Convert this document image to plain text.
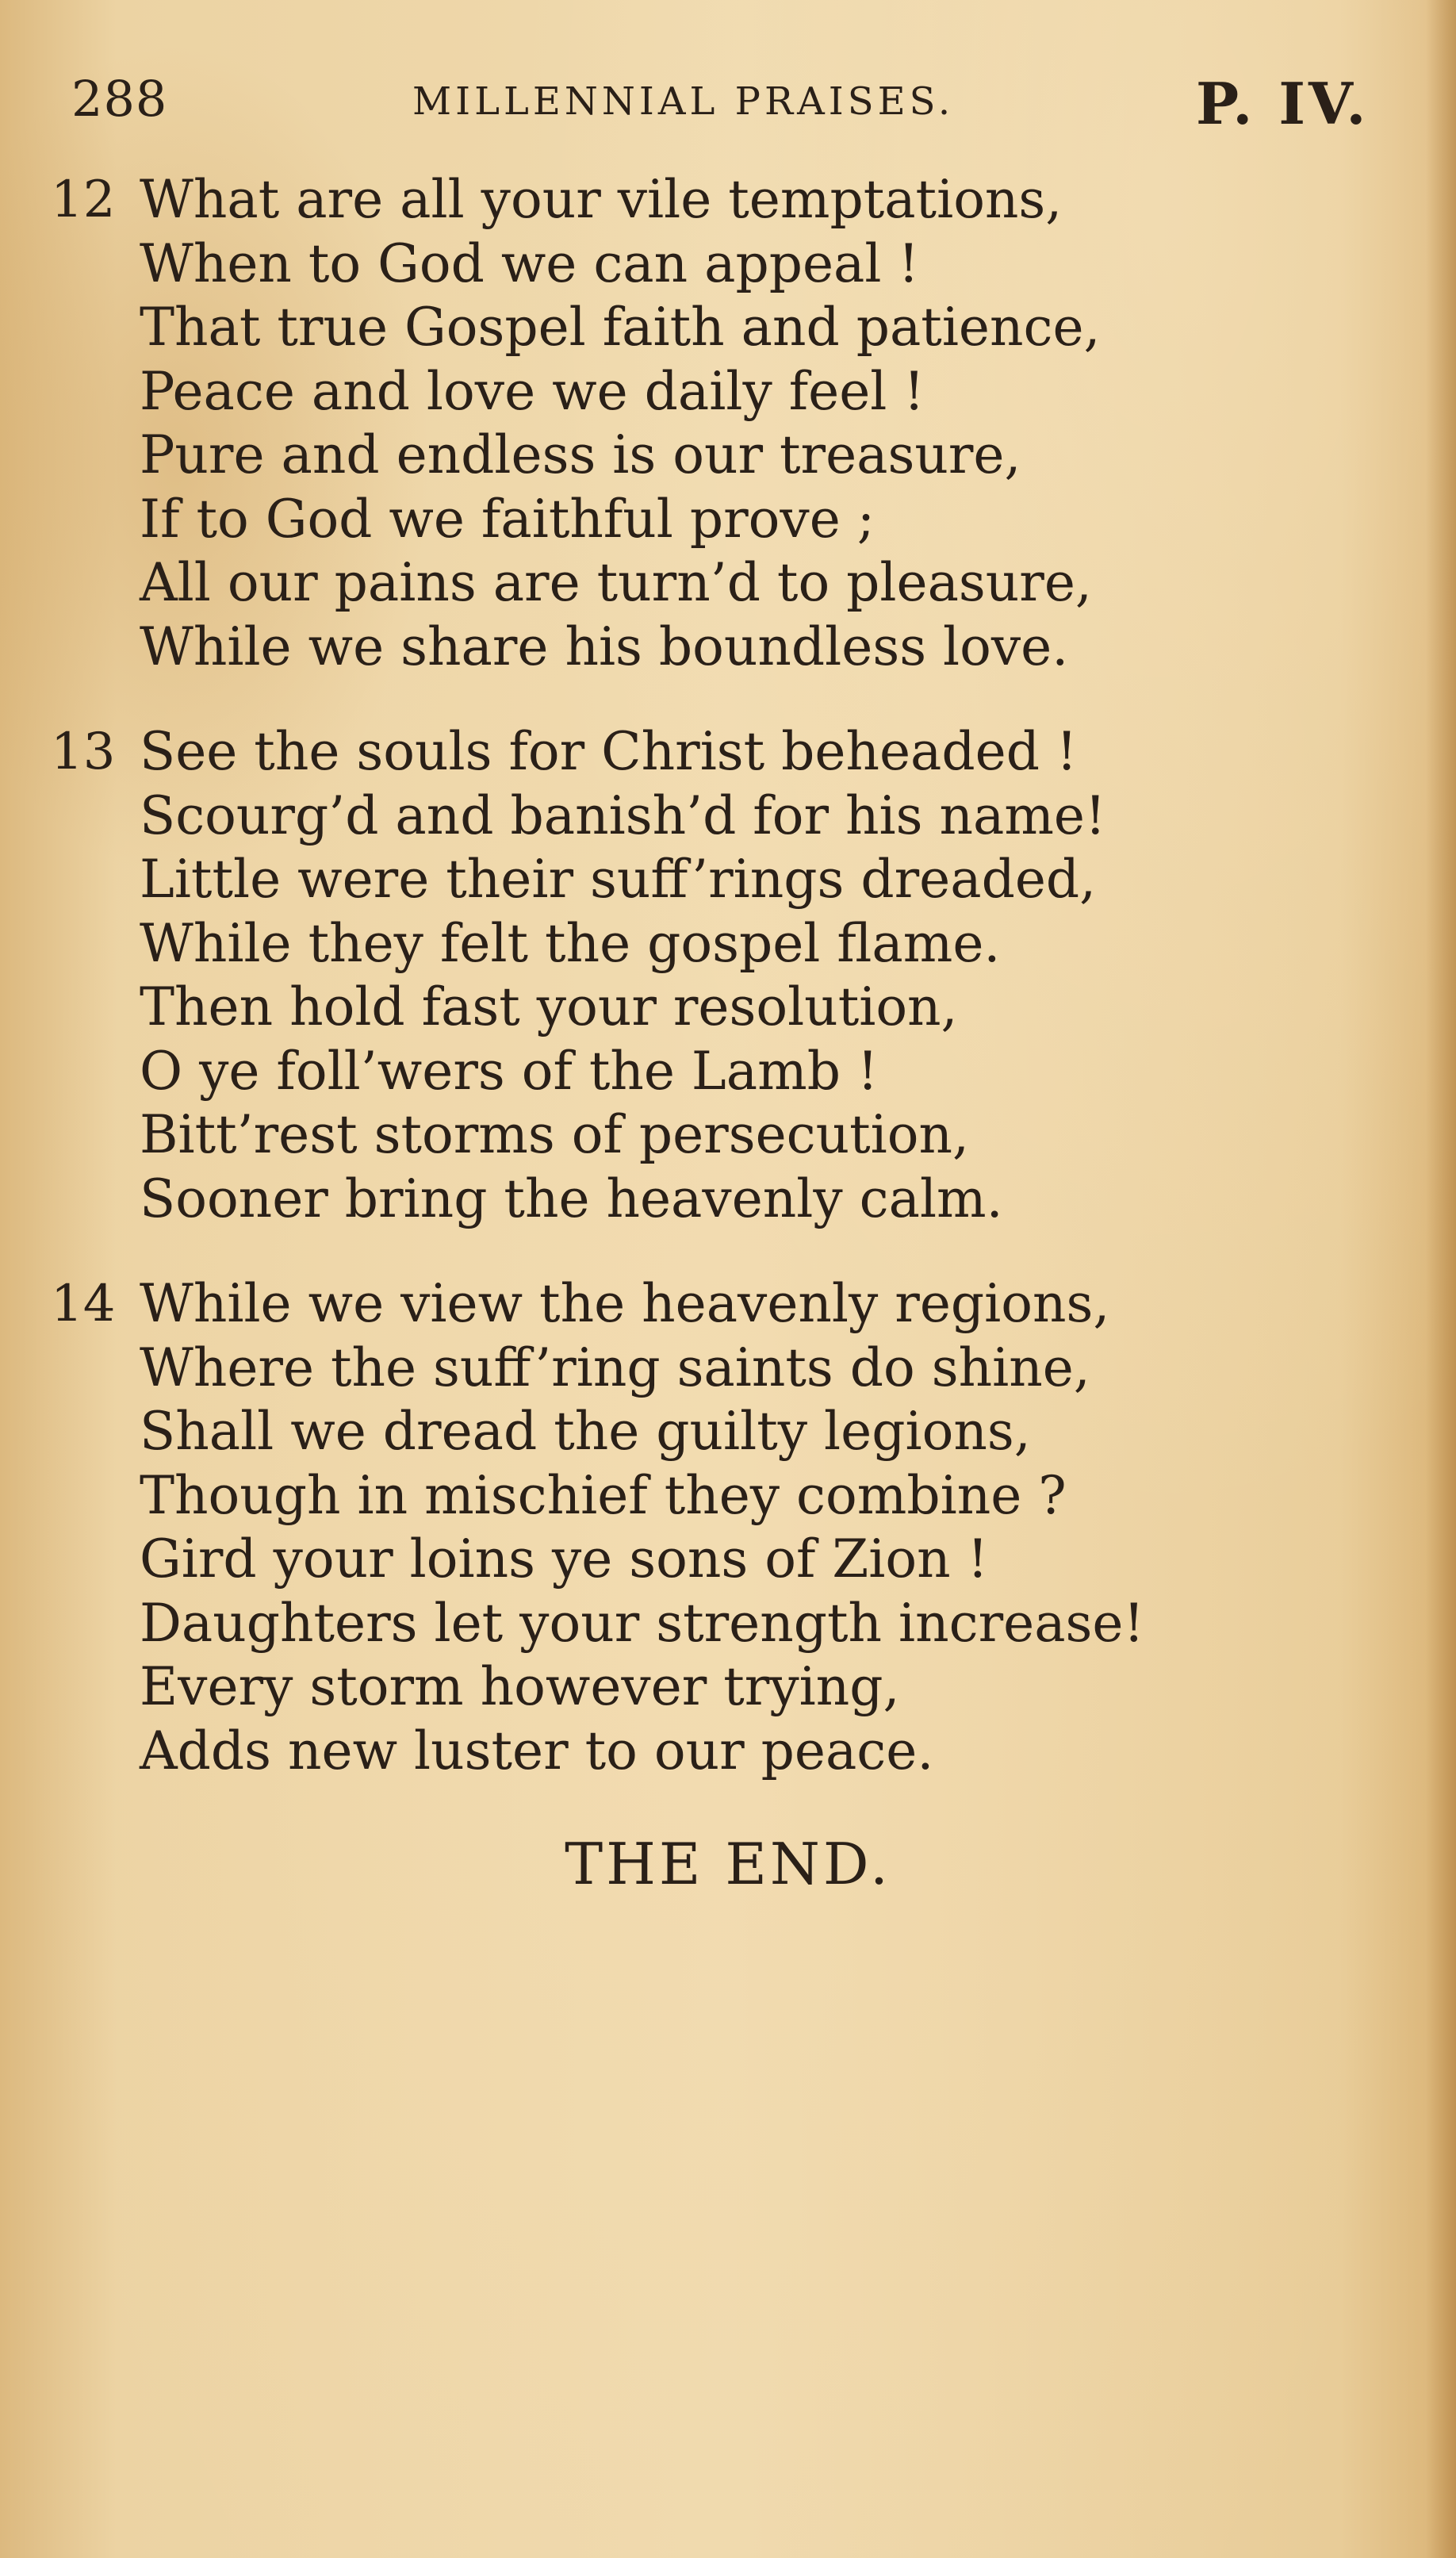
288	MILLENNIAL PRAISES.	P. IV.
12 What are all your vile temptations,
When to God we can appeal !
That true Gospel faith and patience,
Peace and love we daily feel !
Pure and endless is our treasure,
If to God we faithful prove ;
All our pains are turn’d to pleasure,
While we share his boundless love.
13 See the souls for Christ beheaded !
Scourg’d and banish’d for his name!
Little were their suff’rings dreaded,
While they felt the gospel flame.
Then hold fast your resolution,
O ye foll’wers of the Lamb !
Bitt’rest storms of persecution,
Sooner bring the heavenly calm.
14 While we view the heavenly regions,
Where the suff’ring saints do shine,
Shall we dread the guilty legions,
Though in mischief they combine ?
Gird your loins ye sons of Zion !
Daughters let your strength increase!
Every storm however trying,
Adds new luster to our peace.
THE END.
